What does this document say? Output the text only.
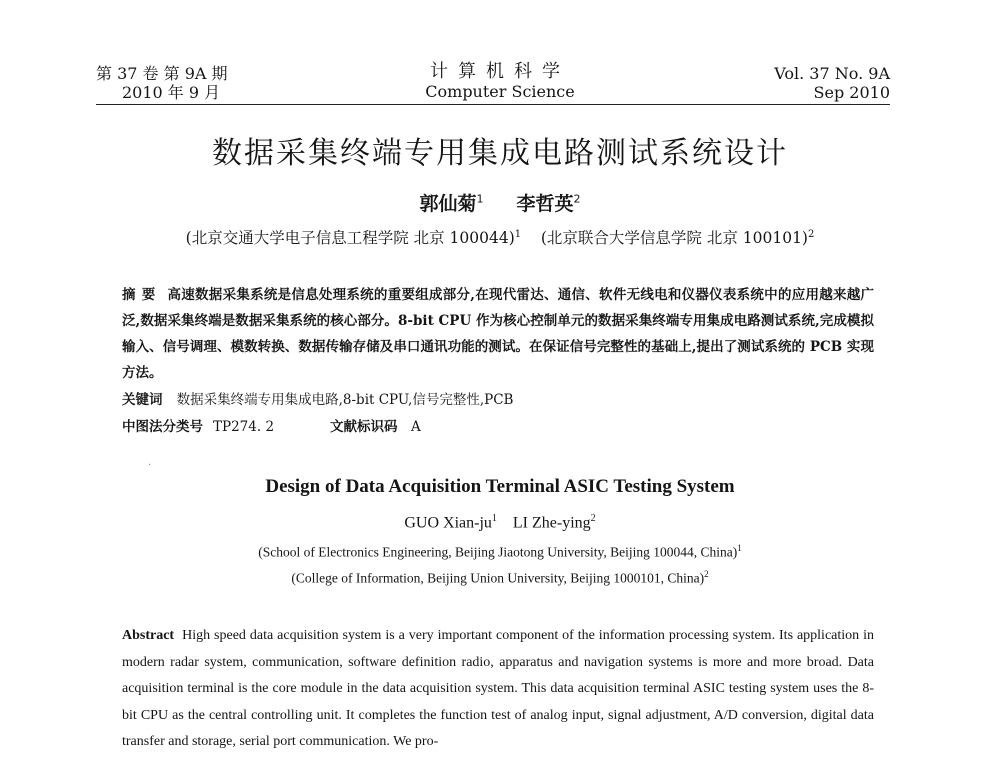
第 37 卷 第 9A 期
2010 年 9 月
计算机科学
Computer Science
Vol. 37 No. 9A
Sep 2010
数据采集终端专用集成电路测试系统设计
郭仙菊$^1$ 李哲英$^2$
(北京交通大学电子信息工程学院 北京 100044)$^1$ (北京联合大学信息学院 北京 100101)$^2$
摘要 高速数据采集系统是信息处理系统的重要组成部分,在现代雷达、通信、软件无线电和仪器仪表系统中的应用越来越广泛,数据采集终端是数据采集系统的核心部分。8-bit CPU 作为核心控制单元的数据采集终端专用集成电路测试系统,完成模拟输入、信号调理、模数转换、数据传输存储及串口通讯功能的测试。在保证信号完整性的基础上,提出了测试系统的 PCB 实现方法。
关键词 数据采集终端专用集成电路,8-bit CPU,信号完整性,PCB
中图法分类号 TP274. 2	文献标识码 A
·
Design of Data Acquisition Terminal ASIC Testing System
GUO Xian-$ju^1$ LI Zhe-ying$^2$
(School of Electronics Engineering, Beijing Jiaotong University, Beijing 100044, China)$^1$
(College of Information, Beijing Union University, Beijing 1000101, China)$^2$
Abstract High speed data acquisition system is a very important component of the information processing system. Its application in modern radar system, communication, software definition radio, apparatus and navigation systems is more and more broad. Data acquisition terminal is the core module in the data acquisition system. This data acquisition terminal ASIC testing system uses the 8-bit CPU as the central controlling unit. It completes the function test of analog input, signal adjustment, A/D conversion, digital data transfer and storage, serial port communication. We pro-
